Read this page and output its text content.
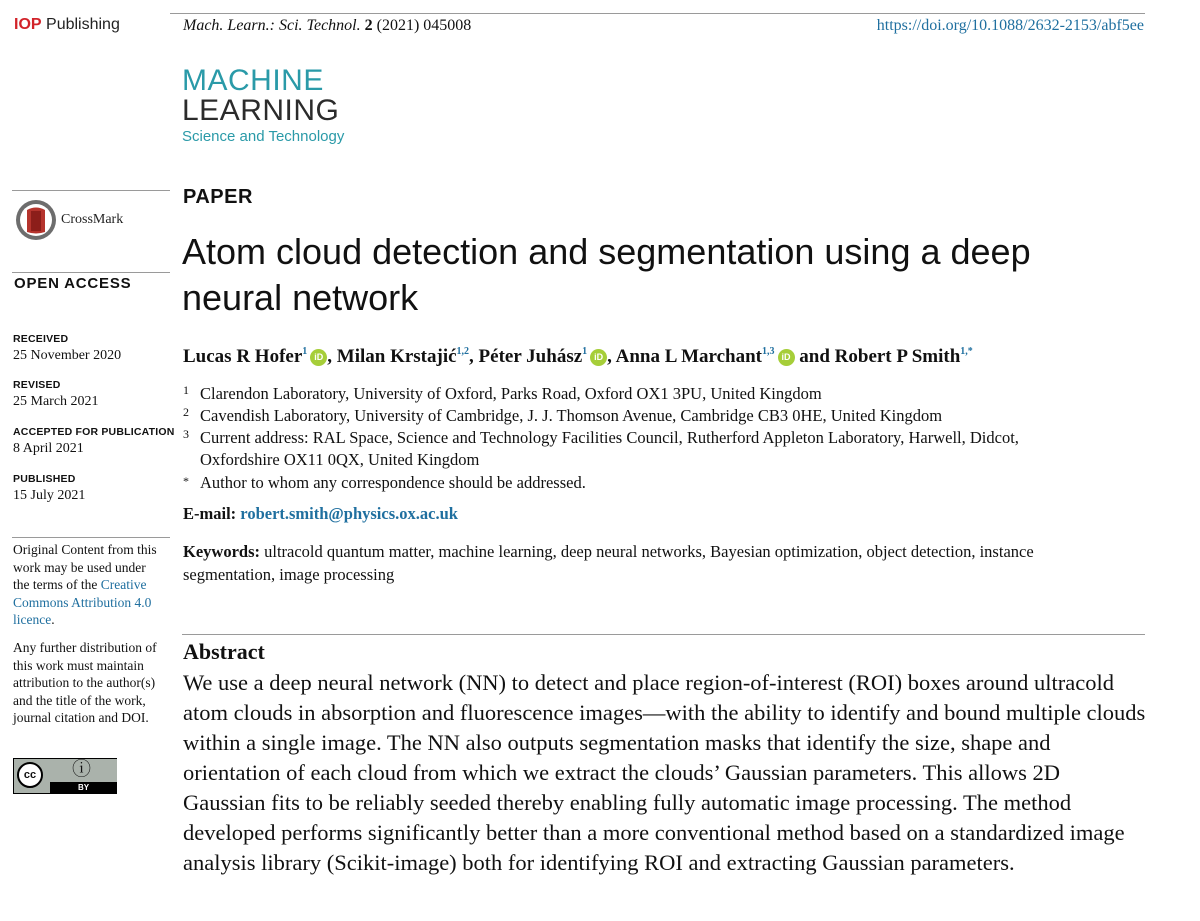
IOP Publishing	Mach. Learn.: Sci. Technol. 2 (2021) 045008	https://doi.org/10.1088/2632-2153/abf5ee
MACHINE
LEARNING
Science and Technology
CrossMark
OPEN ACCESS
RECEIVED
25 November 2020
REVISED
25 March 2021
ACCEPTED FOR PUBLICATION
8 April 2021
PUBLISHED
15 July 2021
Original Content from this work may be used under the terms of the Creative Commons Attribution 4.0 licence.
Any further distribution of this work must maintain attribution to the author(s) and the title of the work, journal citation and DOI.
cc	ⓘ
BY
PAPER
Atom cloud detection and segmentation using a deep
neural network
Lucas R Hofer$^1$ iD , Milan Krstajić$^{1,2}$, Péter Juhász$^1$ iD , Anna L Marchant$^{1,3}$ iD and Robert P Smith$^{1,*}$
1 Clarendon Laboratory, University of Oxford, Parks Road, Oxford OX1 3PU, United Kingdom
2 Cavendish Laboratory, University of Cambridge, J. J. Thomson Avenue, Cambridge CB3 0HE, United Kingdom
3 Current address: RAL Space, Science and Technology Facilities Council, Rutherford Appleton Laboratory, Harwell, Didcot, Oxfordshire OX11 0QX, United Kingdom
* Author to whom any correspondence should be addressed.
E-mail: robert.smith@physics.ox.ac.uk
Keywords: ultracold quantum matter, machine learning, deep neural networks, Bayesian optimization, object detection, instance segmentation, image processing
Abstract
We use a deep neural network (NN) to detect and place region-of-interest (ROI) boxes around ultracold atom clouds in absorption and fluorescence images—with the ability to identify and bound multiple clouds within a single image. The NN also outputs segmentation masks that identify the size, shape and orientation of each cloud from which we extract the clouds’ Gaussian parameters. This allows 2D Gaussian fits to be reliably seeded thereby enabling fully automatic image processing. The method developed performs significantly better than a more conventional method based on a standardized image analysis library (Scikit-image) both for identifying ROI and extracting Gaussian parameters.
